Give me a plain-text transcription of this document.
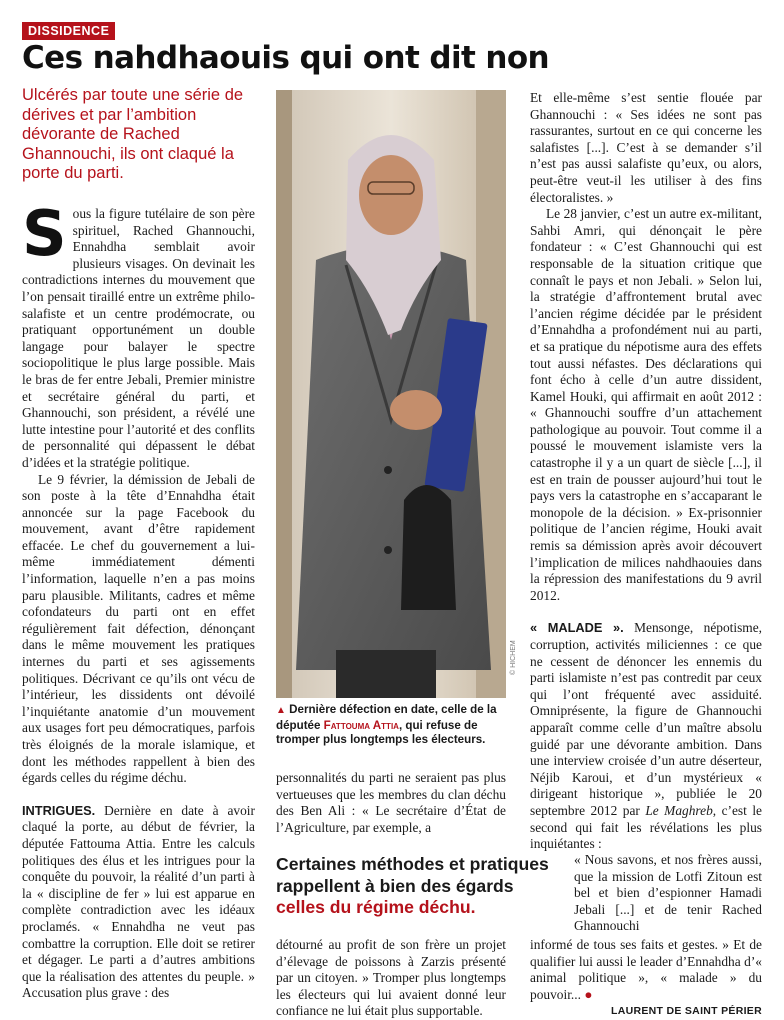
DISSIDENCE
Ces nahdhaouis qui ont dit non
Ulcérés par toute une série de dérives et par l’ambition dévorante de Rached Ghannouchi, ils ont claqué la porte du parti.

Sous la figure tutélaire de son père spirituel, Rached Ghannouchi, Ennahdha semblait avoir plusieurs visages. On devinait les contradictions internes du mouvement que l’on pensait tiraillé entre un extrême philo-salafiste et un centre prodémocrate, ou pratiquant opportunément un double langage pour balayer le spectre sociopolitique le plus large possible. Mais le bras de fer entre Jebali, Premier ministre et secrétaire général du parti, et Ghannouchi, son président, a révélé une lutte intestine pour l’autorité et des conflits de personnalité qui dépassent le débat d’idées et la stratégie politique.

Le 9 février, la démission de Jebali de son poste à la tête d’Ennahdha était annoncée sur la page Facebook du mouvement, avant d’être rapidement effacée. Le chef du gouvernement a lui-même immédiatement démenti l’information, laquelle n’en a pas moins paru plausible. Militants, cadres et même cofondateurs du parti ont en effet régulièrement fait défection, dénonçant dans le même mouvement les pratiques internes du parti et ses agissements politiques. Décrivant ce qu’ils ont vécu de l’intérieur, les dissidents ont dévoilé l’inquiétante anatomie d’un mouvement aux usages fort peu démocratiques, parfois très éloignés de la morale islamique, et dont les méthodes rappellent à bien des égards celles du régime déchu.

INTRIGUES. Dernière en date à avoir claqué la porte, au début de février, la députée Fattouma Attia. Entre les calculs politiques des élus et les intrigues pour la conquête du pouvoir, la réalité d’un parti à la « discipline de fer » lui est apparue en complète contradiction avec les idéaux proclamés. « Ennahdha ne veut pas combattre la corruption. Elle doit se retirer et dégager. Le parti a d’autres ambitions que la réalisation des attentes du peuple. » Accusation plus grave : des

© HICHEM
▲ Dernière défection en date, celle de la députée Fattouma Attia, qui refuse de tromper plus longtemps les électeurs.
personnalités du parti ne seraient pas plus vertueuses que les membres du clan déchu des Ben Ali : « Le secrétaire d’État de l’Agriculture, par exemple, a
Certaines méthodes et pratiques rappellent à bien des égards
celles du régime déchu.
détourné au profit de son frère un projet d’élevage de poissons à Zarzis présenté par un citoyen. » Tromper plus longtemps les électeurs qui lui avaient donné leur confiance ne lui était plus supportable.

Et elle-même s’est sentie flouée par Ghannouchi : « Ses idées ne sont pas rassurantes, surtout en ce qui concerne les salafistes [...]. C’est à se demander s’il n’est pas aussi salafiste qu’eux, ou alors, peut-être veut-il les utiliser à des fins électoralistes. »

Le 28 janvier, c’est un autre ex-militant, Sahbi Amri, qui dénonçait le père fondateur : « C’est Ghannouchi qui est responsable de la situation critique que connaît le pays et non Jebali. » Selon lui, la stratégie d’affrontement brutal avec l’ancien régime décidée par le président d’Ennahdha a profondément nui au parti, et sa pratique du népotisme aura des effets tout aussi néfastes. Des déclarations qui font écho à celle d’un autre dissident, Kamel Houki, qui affirmait en août 2012 : « Ghannouchi souffre d’un attachement pathologique au pouvoir. Tout comme il a poussé le mouvement islamiste vers la catastrophe il y a un quart de siècle [...], il est en train de pousser aujourd’hui tout le pays vers la catastrophe en s’accaparant le monopole de la décision. » Ex-prisonnier politique de l’ancien régime, Houki avait remis sa démission après avoir découvert l’implication de milices nahdhaouies dans la répression des manifestations du 9 avril 2012.

« MALADE ». Mensonge, népotisme, corruption, activités miliciennes : ce que ne cessent de dénoncer les ennemis du parti islamiste n’est pas contredit par ceux qui l’ont fréquenté avec assiduité. Omniprésente, la figure de Ghannouchi apparaît comme celle d’un maître absolu guidé par une dévorante ambition. Dans une interview croisée d’un autre déserteur, Néjib Karoui, et d’un mystérieux « dirigeant historique », publiée le 20 septembre 2012 par Le Maghreb, c’est le second qui fait les révélations les plus inquiétantes :

« Nous savons, et nos frères aussi, que la mission de Lotfi Zitoun est bel et bien d’espionner Hamadi Jebali [...] et de tenir Rached Ghannouchi
informé de tous ses faits et gestes. » Et de qualifier lui aussi le leader d’Ennahdha d’« animal politique », « malade » du pouvoir... ●
LAURENT DE SAINT PÉRIER
